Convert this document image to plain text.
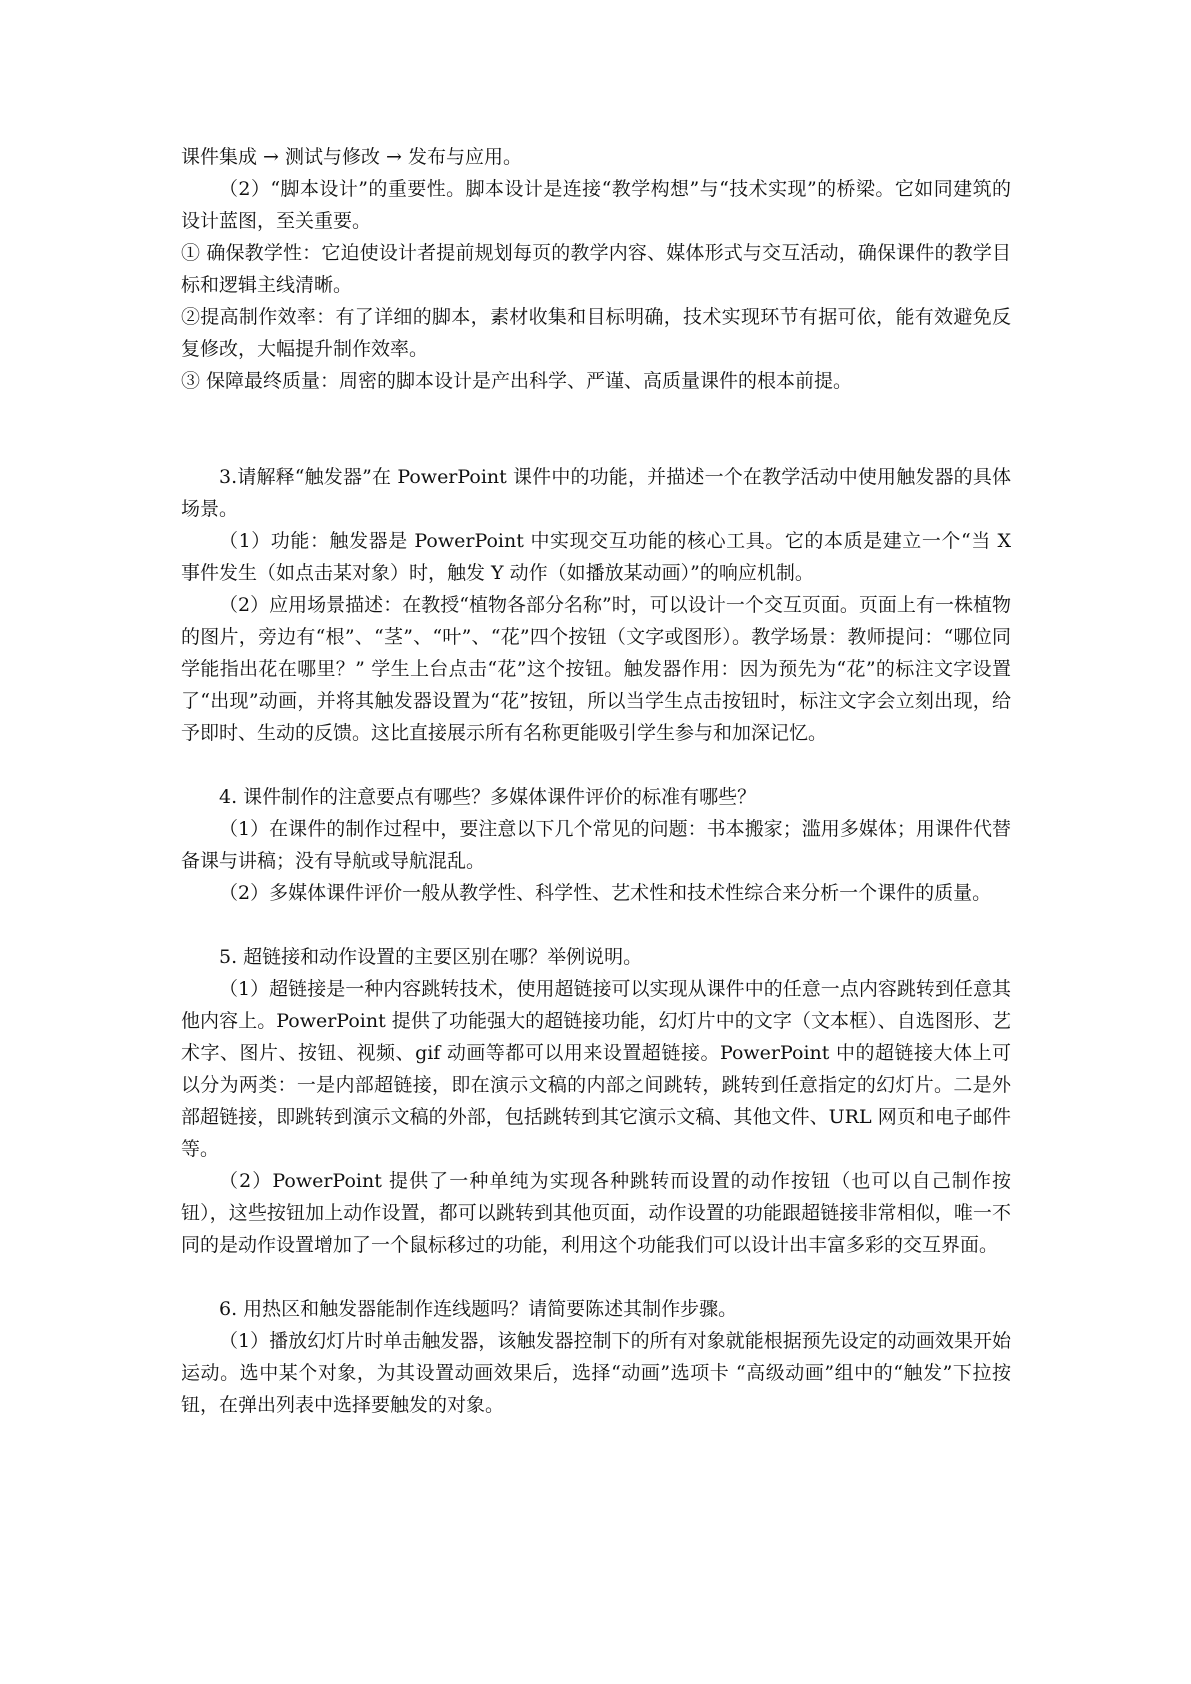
课件集成 → 测试与修改 → 发布与应用。

（2）“脚本设计”的重要性。脚本设计是连接“教学构想”与“技术实现”的桥梁。它如同建筑的设计蓝图，至关重要。

① 确保教学性：它迫使设计者提前规划每页的教学内容、媒体形式与交互活动，确保课件的教学目标和逻辑主线清晰。

②提高制作效率：有了详细的脚本，素材收集和目标明确，技术实现环节有据可依，能有效避免反复修改，大幅提升制作效率。

③ 保障最终质量：周密的脚本设计是产出科学、严谨、高质量课件的根本前提。

3.请解释“触发器”在 PowerPoint 课件中的功能，并描述一个在教学活动中使用触发器的具体场景。

（1）功能：触发器是 PowerPoint 中实现交互功能的核心工具。它的本质是建立一个“当 X 事件发生（如点击某对象）时，触发 Y 动作（如播放某动画）”的响应机制。

（2）应用场景描述：在教授“植物各部分名称”时，可以设计一个交互页面。页面上有一株植物的图片，旁边有“根”、“茎”、“叶”、“花”四个按钮（文字或图形）。教学场景：教师提问：“哪位同学能指出花在哪里？” 学生上台点击“花”这个按钮。触发器作用：因为预先为“花”的标注文字设置了“出现”动画，并将其触发器设置为“花”按钮，所以当学生点击按钮时，标注文字会立刻出现，给予即时、生动的反馈。这比直接展示所有名称更能吸引学生参与和加深记忆。

4. 课件制作的注意要点有哪些？多媒体课件评价的标准有哪些？

（1）在课件的制作过程中，要注意以下几个常见的问题：书本搬家；滥用多媒体；用课件代替备课与讲稿；没有导航或导航混乱。

（2）多媒体课件评价一般从教学性、科学性、艺术性和技术性综合来分析一个课件的质量。

5. 超链接和动作设置的主要区别在哪？举例说明。

（1）超链接是一种内容跳转技术，使用超链接可以实现从课件中的任意一点内容跳转到任意其他内容上。PowerPoint 提供了功能强大的超链接功能，幻灯片中的文字（文本框）、自选图形、艺术字、图片、按钮、视频、gif 动画等都可以用来设置超链接。PowerPoint 中的超链接大体上可以分为两类：一是内部超链接，即在演示文稿的内部之间跳转，跳转到任意指定的幻灯片。二是外部超链接，即跳转到演示文稿的外部，包括跳转到其它演示文稿、其他文件、URL 网页和电子邮件等。

（2）PowerPoint 提供了一种单纯为实现各种跳转而设置的动作按钮（也可以自己制作按钮），这些按钮加上动作设置，都可以跳转到其他页面，动作设置的功能跟超链接非常相似，唯一不同的是动作设置增加了一个鼠标移过的功能，利用这个功能我们可以设计出丰富多彩的交互界面。

6. 用热区和触发器能制作连线题吗？请简要陈述其制作步骤。

（1）播放幻灯片时单击触发器，该触发器控制下的所有对象就能根据预先设定的动画效果开始运动。选中某个对象，为其设置动画效果后，选择“动画”选项卡 “高级动画”组中的“触发”下拉按钮，在弹出列表中选择要触发的对象。
